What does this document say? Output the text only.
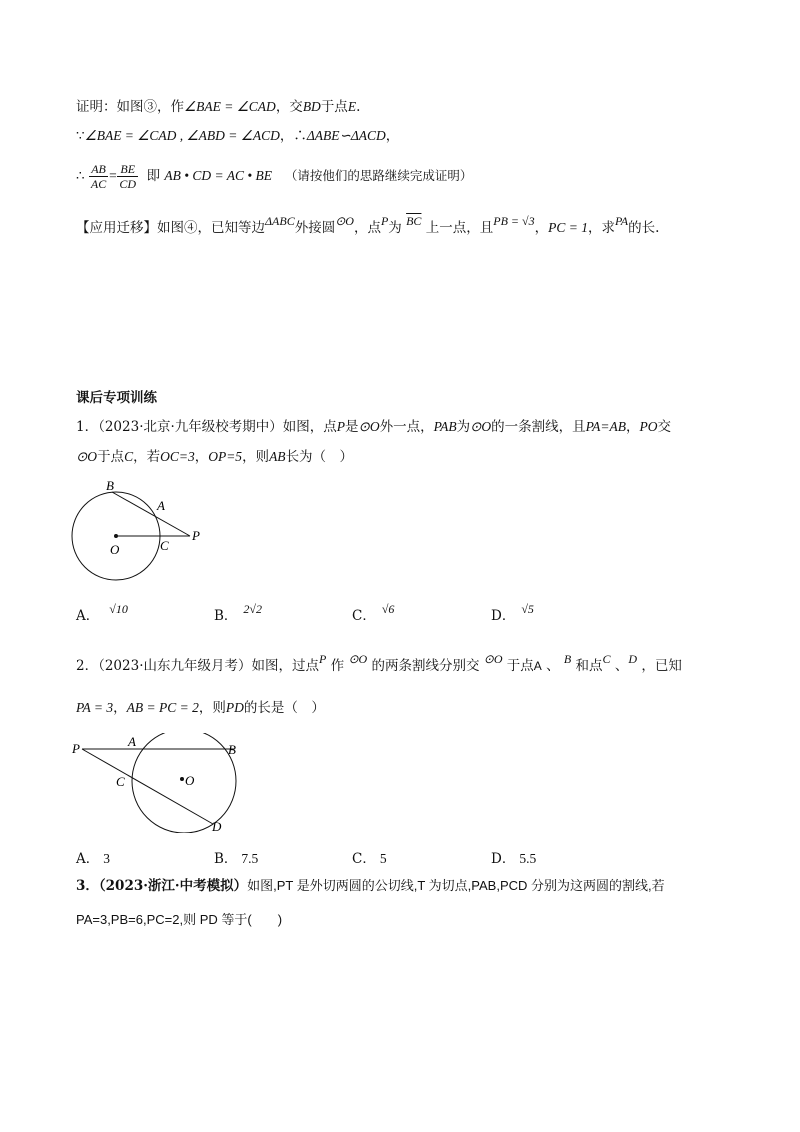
证明：如图③，作∠BAE = ∠CAD，交BD于点E.
∵∠BAE = ∠CAD , ∠ABD = ∠ACD，∴ΔABE∽ΔACD，
∴ $\frac{AB}{AC} = \frac{BE}{CD}$ 即 AB • CD = AC • BE （请按他们的思路继续完成证明）
【应用迁移】如图④，已知等边ΔABC外接圆⊙O，点P为 $\overline{BC}$ 上一点，且PB = √3，PC = 1，求PA的长.
课后专项训练
1．（2023·北京·九年级校考期中）如图，点P是⊙O外一点，PAB为⊙O的一条割线，且PA=AB，PO交
⊙O于点C，若OC=3，OP=5，则AB长为（　）
B
A
O	C
P
A． √10	B． 2√2	C． √6	D． √5
2．（2023·山东九年级月考）如图，过点P 作 ⊙O 的两条割线分别交 ⊙O 于点A 、 B 和点C 、D ，已知
PA = 3，AB = PC = 2，则PD的长是（　）
P	A
B
C	O
D
A． 3	B． 7.5	C． 5	D． 5.5
3．（2023·浙江·中考模拟）如图,PT 是外切两圆的公切线,T 为切点,PAB,PCD 分别为这两圆的割线,若
PA=3,PB=6,PC=2,则 PD 等于(　　)
